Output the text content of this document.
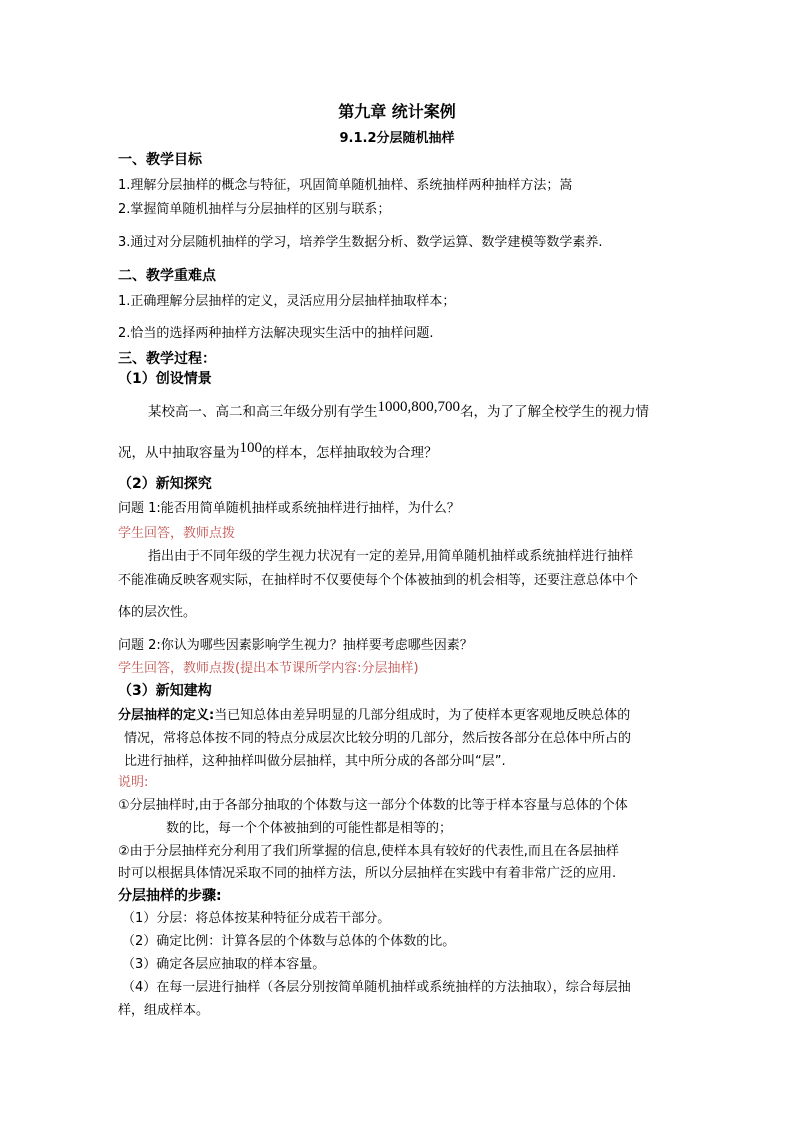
第九章 统计案例
9.1.2分层随机抽样
一、教学目标
1.理解分层抽样的概念与特征，巩固简单随机抽样、系统抽样两种抽样方法；嵩
2.掌握简单随机抽样与分层抽样的区别与联系；
3.通过对分层随机抽样的学习，培养学生数据分析、数学运算、数学建模等数学素养.
二、教学重难点
1.正确理解分层抽样的定义，灵活应用分层抽样抽取样本；
2.恰当的选择两种抽样方法解决现实生活中的抽样问题.
三、教学过程：
（1）创设情景
某校高一、高二和高三年级分别有学生1000,800,700名，为了了解全校学生的视力情
况，从中抽取容量为100的样本，怎样抽取较为合理？
（2）新知探究
问题 1:能否用简单随机抽样或系统抽样进行抽样，为什么？
学生回答，教师点拨
指出由于不同年级的学生视力状况有一定的差异,用简单随机抽样或系统抽样进行抽样
不能准确反映客观实际，在抽样时不仅要使每个个体被抽到的机会相等，还要注意总体中个
体的层次性。
问题 2:你认为哪些因素影响学生视力？抽样要考虑哪些因素？
学生回答，教师点拨(提出本节课所学内容:分层抽样)
（3）新知建构
分层抽样的定义:当已知总体由差异明显的几部分组成时，为了使样本更客观地反映总体的
情况，常将总体按不同的特点分成层次比较分明的几部分，然后按各部分在总体中所占的
比进行抽样，这种抽样叫做分层抽样，其中所分成的各部分叫“层”.
说明:
①分层抽样时,由于各部分抽取的个体数与这一部分个体数的比等于样本容量与总体的个体
数的比，每一个个体被抽到的可能性都是相等的；
②由于分层抽样充分利用了我们所掌握的信息,使样本具有较好的代表性,而且在各层抽样
时可以根据具体情况采取不同的抽样方法，所以分层抽样在实践中有着非常广泛的应用.
分层抽样的步骤:
（1）分层：将总体按某种特征分成若干部分。
（2）确定比例：计算各层的个体数与总体的个体数的比。
（3）确定各层应抽取的样本容量。
（4）在每一层进行抽样（各层分别按简单随机抽样或系统抽样的方法抽取），综合每层抽
样，组成样本。
